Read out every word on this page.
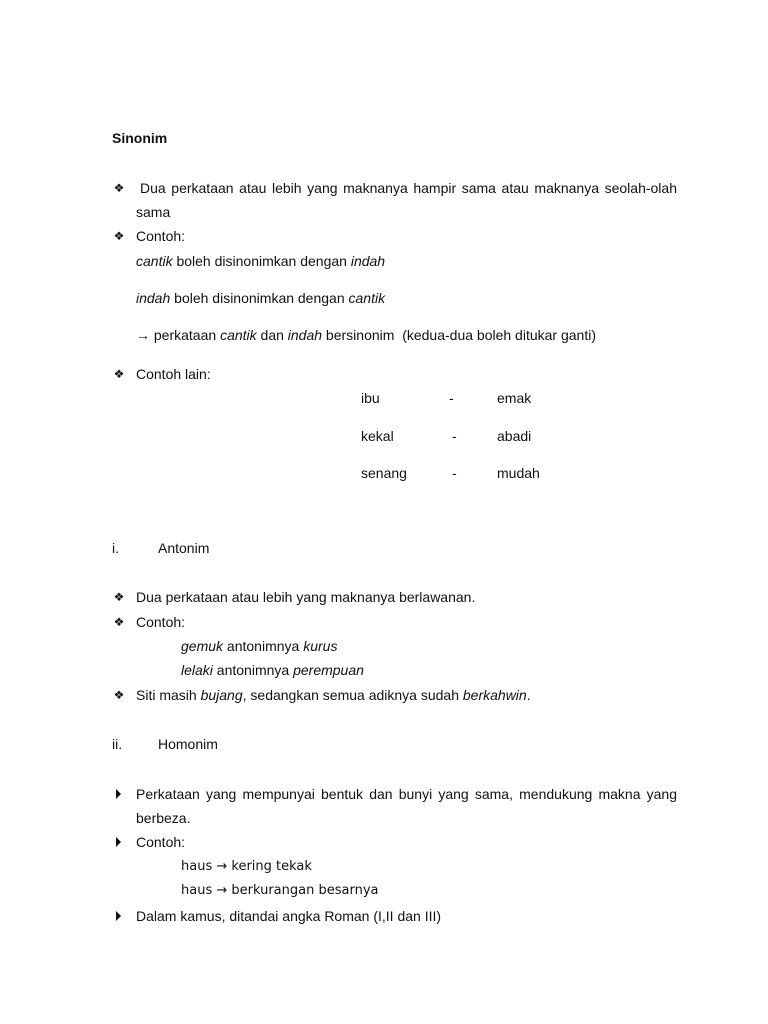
Sinonim
❖ Dua perkataan atau lebih yang maknanya hampir sama atau maknanya seolah-olah
sama
❖ Contoh:
cantik boleh disinonimkan dengan indah
indah boleh disinonimkan dengan cantik
→ perkataan cantik dan indah bersinonim  (kedua-dua boleh ditukar ganti)
❖ Contoh lain:
ibu	-	emak
kekal	-	abadi
senang	-	mudah
i.	Antonim
❖ Dua perkataan atau lebih yang maknanya berlawanan.
❖ Contoh:
gemuk antonimnya kurus
lelaki antonimnya perempuan
❖ Siti masih bujang, sedangkan semua adiknya sudah berkahwin.
ii.	Homonim
Perkataan yang mempunyai bentuk dan bunyi yang sama, mendukung makna yang
berbeza.
Contoh:
haus → kering tekak
haus → berkurangan besarnya
Dalam kamus, ditandai angka Roman (I,II dan III)
